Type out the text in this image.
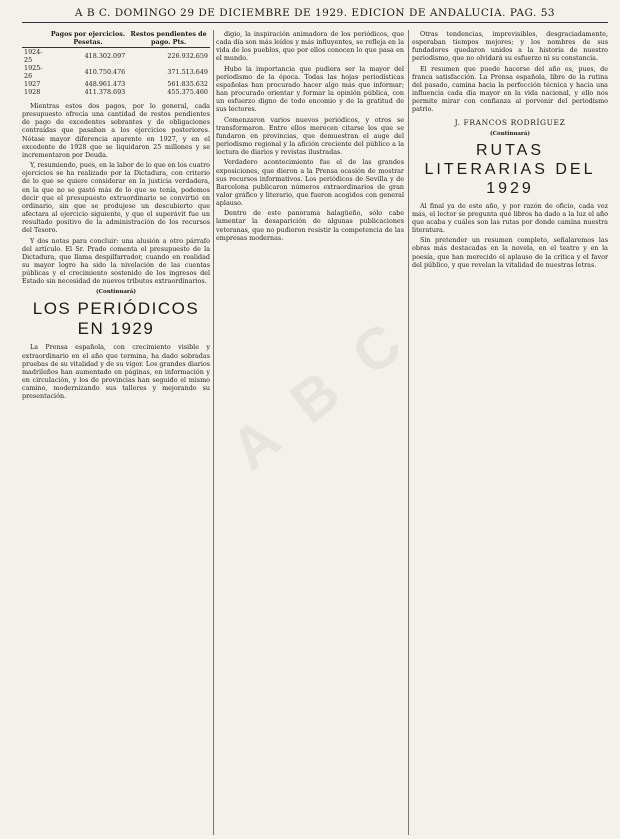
A B C. DOMINGO 29 DE DICIEMBRE DE 1929. EDICION DE ANDALUCIA. PAG. 53
	Pagos por ejercicios. Pesetas.	Restos pendientes de pago. Pts.
1924-25	418.302.097	226.932.659
1925-26	410.750.476	371.513.649
1927	448.961.473	561.835.632
1928	411.378.693	455.375.460

Mientras estos dos pagos, por lo general, cada presupuesto ofrecía una cantidad de restos pendientes de pago de excedentes sobrantes y de obligaciones contraídas que pasaban a los ejercicios posteriores. Nótase mayor diferencia aparente en 1927, y en el excedente de 1928 que se liquidaron 25 millones y se incrementaron por Deuda.

Y, resumiendo, pues, en la labor de lo que en los cuatro ejercicios se ha realizado por la Dictadura, con criterio de lo que se quiere considerar en la justicia verdadera, en la que no se gastó más de lo que se tenía, podemos decir que el presupuesto extraordinario se convirtió en ordinario, sin que se produjese un descubierto que afectara al ejercicio siguiente, y que el superávit fue un resultado positivo de la administración de los recursos del Tesoro.

Y dos notas para concluir: una alusión a otro párrafo del artículo. El Sr. Prado comenta el presupuesto de la Dictadura, que llama despilfarrador, cuando en realidad su mayor logro ha sido la nivelación de las cuentas públicas y el crecimiento sostenido de los ingresos del Estado sin necesidad de nuevos tributos extraordinarios.

(Continuará)
LOS PERIÓDICOS EN 1929

La Prensa española, con crecimiento visible y extraordinario en el año que termina, ha dado sobradas pruebas de su vitalidad y de su vigor. Los grandes diarios madrileños han aumentado en páginas, en información y en circulación, y los de provincias han seguido el mismo camino, modernizando sus talleres y mejorando su presentación.

digio, la inspiración animadora de los periódicos, que cada día son más leídos y más influyentes, se refleja en la vida de los pueblos, que por ellos conocen lo que pasa en el mundo.

Hubo la importancia que pudiera ser la mayor del periodismo de la época. Todas las hojas periodísticas españolas han procurado hacer algo más que informar; han procurado orientar y formar la opinión pública, con un esfuerzo digno de todo encomio y de la gratitud de sus lectores.

Comenzaron varios nuevos periódicos, y otros se transformaron. Entre ellos merecen citarse los que se fundaron en provincias, que demuestran el auge del periodismo regional y la afición creciente del público a la lectura de diarios y revistas ilustradas.

Verdadero acontecimiento fue el de las grandes exposiciones, que dieron a la Prensa ocasión de mostrar sus recursos informativos. Los periódicos de Sevilla y de Barcelona publicaron números extraordinarios de gran valor gráfico y literario, que fueron acogidos con general aplauso.

Dentro de este panorama halagüeño, sólo cabe lamentar la desaparición de algunas publicaciones veteranas, que no pudieron resistir la competencia de las empresas modernas.

Otras tendencias, imprevisibles, desgraciadamente, esperaban tiempos mejores; y los nombres de sus fundadores quedaron unidos a la historia de nuestro periodismo, que no olvidará su esfuerzo ni su constancia.

El resumen que puede hacerse del año es, pues, de franca satisfacción. La Prensa española, libre de la rutina del pasado, camina hacia la perfección técnica y hacia una influencia cada día mayor en la vida nacional, y ello nos permite mirar con confianza al porvenir del periodismo patrio.

J. FRANCOS RODRÍGUEZ
(Continuará)
RUTAS LITERARIAS DEL 1929

Al final ya de este año, y por razón de oficio, cada vez más, el lector se pregunta qué libros ha dado a la luz el año que acaba y cuáles son las rutas por donde camina nuestra literatura.

Sin pretender un resumen completo, señalaremos las obras más destacadas en la novela, en el teatro y en la poesía, que han merecido el aplauso de la crítica y el favor del público, y que revelan la vitalidad de nuestras letras.

A B C
